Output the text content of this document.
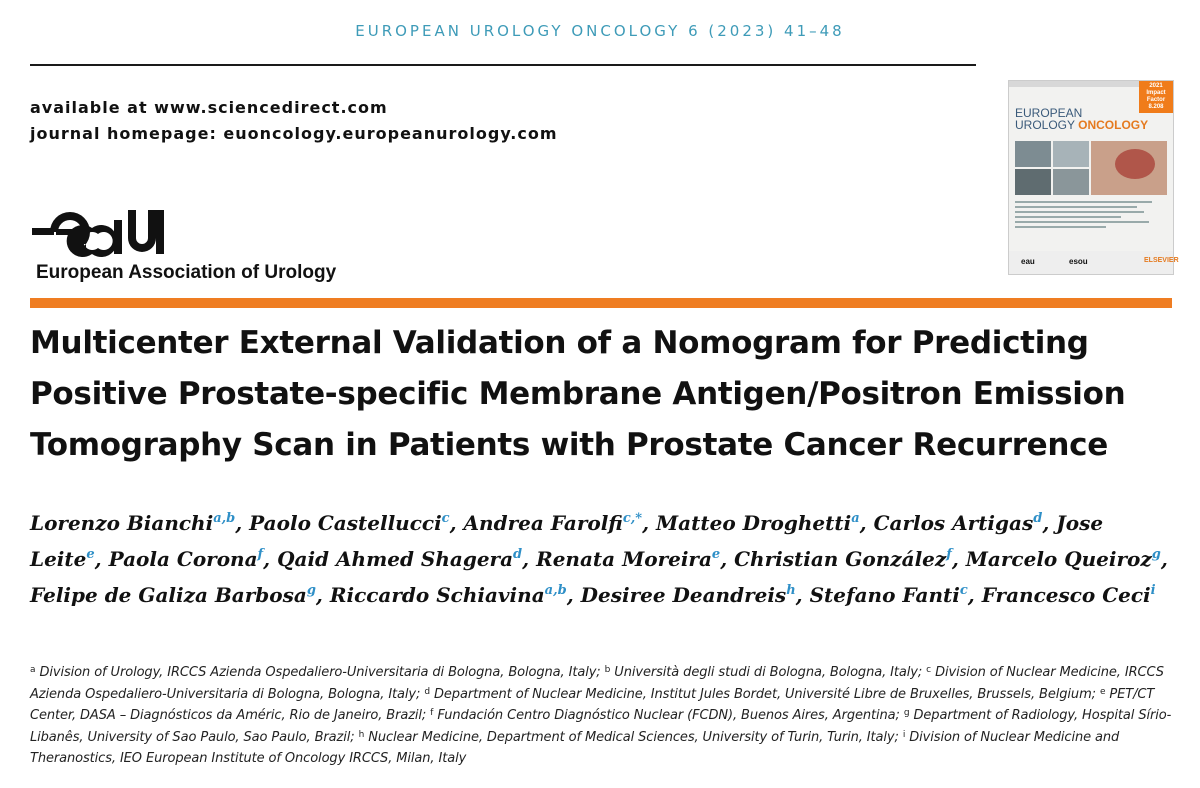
EUROPEAN UROLOGY ONCOLOGY 6 (2023) 41–48
available at www.sciencedirect.com
journal homepage: euoncology.europeanurology.com
European Association of Urology
2021
Impact
Factor
8.208
EUROPEAN
UROLOGY ONCOLOGY
eau	esou	ELSEVIER
Multicenter External Validation of a Nomogram for Predicting Positive Prostate-specific Membrane Antigen/Positron Emission Tomography Scan in Patients with Prostate Cancer Recurrence

Lorenzo Bianchi$^{a,b}$, Paolo Castellucci$^c$, Andrea Farolfi$^{c,*}$, Matteo Droghetti$^a$, Carlos Artigas$^d$, Jose Leite$^e$, Paola Corona$^f$, Qaid Ahmed Shagera$^d$, Renata Moreira$^e$, Christian González$^f$, Marcelo Queiroz$^g$, Felipe de Galiza Barbosa$^g$, Riccardo Schiavina$^{a,b}$, Desiree Deandreis$^h$, Stefano Fanti$^c$, Francesco Ceci$^i$

$^a$ Division of Urology, IRCCS Azienda Ospedaliero-Universitaria di Bologna, Bologna, Italy; $^b$ Università degli studi di Bologna, Bologna, Italy; $^c$ Division of Nuclear Medicine, IRCCS Azienda Ospedaliero-Universitaria di Bologna, Bologna, Italy; $^d$ Department of Nuclear Medicine, Institut Jules Bordet, Université Libre de Bruxelles, Brussels, Belgium; $^e$ PET/CT Center, DASA – Diagnósticos da Améric, Rio de Janeiro, Brazil; $^f$ Fundación Centro Diagnóstico Nuclear (FCDN), Buenos Aires, Argentina; $^g$ Department of Radiology, Hospital Sírio-Libanês, University of Sao Paulo, Sao Paulo, Brazil; $^h$ Nuclear Medicine, Department of Medical Sciences, University of Turin, Turin, Italy; $^i$ Division of Nuclear Medicine and Theranostics, IEO European Institute of Oncology IRCCS, Milan, Italy
